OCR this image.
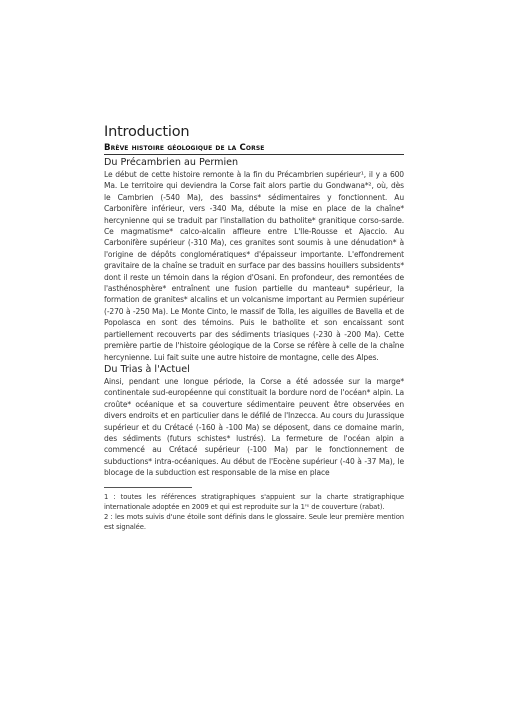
Introduction
Brève histoire géologique de la Corse
Du Précambrien au Permien

Le début de cette histoire remonte à la fin du Précambrien supérieur¹, il y a 600 Ma. Le territoire qui deviendra la Corse fait alors partie du Gondwana*², où, dès le Cambrien (-540 Ma), des bassins* sédimentaires y fonctionnent. Au Carbonifère inférieur, vers -340 Ma, débute la mise en place de la chaîne* hercynienne qui se traduit par l'installation du batholite* granitique corso-sarde. Ce magmatisme* calco-alcalin affleure entre L'Ile-Rousse et Ajaccio. Au Carbonifère supérieur (-310 Ma), ces granites sont soumis à une dénudation* à l'origine de dépôts conglomératiques* d'épaisseur importante. L'effondrement gravitaire de la chaîne se traduit en surface par des bassins houillers subsidents* dont il reste un témoin dans la région d'Osani. En profondeur, des remontées de l'asthénosphère* entraînent une fusion partielle du manteau* supérieur, la formation de granites* alcalins et un volcanisme important au Permien supérieur (-270 à -250 Ma). Le Monte Cinto, le massif de Tolla, les aiguilles de Bavella et de Popolasca en sont des témoins. Puis le batholite et son encaissant sont partiellement recouverts par des sédiments triasiques (-230 à -200 Ma). Cette première partie de l'histoire géologique de la Corse se réfère à celle de la chaîne hercynienne. Lui fait suite une autre histoire de montagne, celle des Alpes.

Du Trias à l'Actuel

Ainsi, pendant une longue période, la Corse a été adossée sur la marge* continentale sud-européenne qui constituait la bordure nord de l'océan* alpin. La croûte* océanique et sa couverture sédimentaire peuvent être observées en divers endroits et en particulier dans le défilé de l'Inzecca. Au cours du Jurassique supérieur et du Crétacé (-160 à -100 Ma) se déposent, dans ce domaine marin, des sédiments (futurs schistes* lustrés). La fermeture de l'océan alpin a commencé au Crétacé supérieur (-100 Ma) par le fonctionnement de subductions* intra-océaniques. Au début de l'Eocène supérieur (-40 à -37 Ma), le blocage de la subduction est responsable de la mise en place

1 : toutes les références stratigraphiques s'appuient sur la charte stratigraphique internationale adoptée en 2009 et qui est reproduite sur la 1ʳᵉ de couverture (rabat).

2 : les mots suivis d'une étoile sont définis dans le glossaire. Seule leur première mention est signalée.
